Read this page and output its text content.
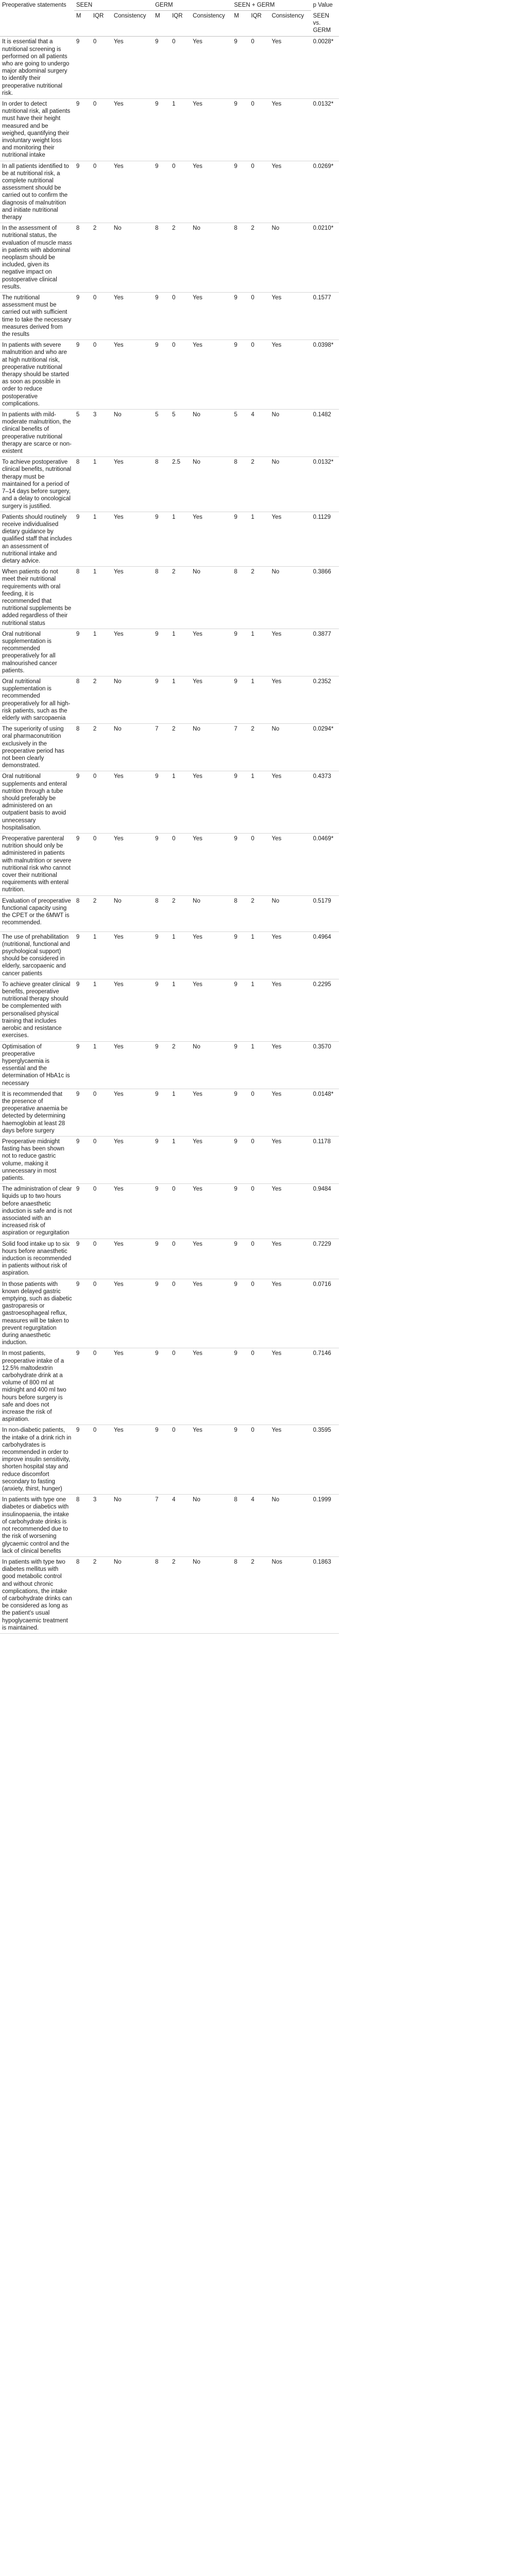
Preoperative statements	SEEN			GERM			SEEN + GERM			p Value
	M	IQR	Consistency	M	IQR	Consistency	M	IQR	Consistency	SEEN vs. GERM
It is essential that a nutritional screening is performed on all patients who are going to undergo major abdominal surgery to identify their preoperative nutritional risk.	9	0	Yes	9	0	Yes	9	0	Yes	0.0028*
In order to detect nutritional risk, all patients must have their height measured and be weighed, quantifying their involuntary weight loss and monitoring their nutritional intake	9	0	Yes	9	1	Yes	9	0	Yes	0.0132*
In all patients identified to be at nutritional risk, a complete nutritional assessment should be carried out to confirm the diagnosis of malnutrition and initiate nutritional therapy	9	0	Yes	9	0	Yes	9	0	Yes	0.0269*
In the assessment of nutritional status, the evaluation of muscle mass in patients with abdominal neoplasm should be included, given its negative impact on postoperative clinical results.	8	2	No	8	2	No	8	2	No	0.0210*
The nutritional assessment must be carried out with sufficient time to take the necessary measures derived from the results	9	0	Yes	9	0	Yes	9	0	Yes	0.1577
In patients with severe malnutrition and who are at high nutritional risk, preoperative nutritional therapy should be started as soon as possible in order to reduce postoperative complications.	9	0	Yes	9	0	Yes	9	0	Yes	0.0398*
In patients with mild-moderate malnutrition, the clinical benefits of preoperative nutritional therapy are scarce or non-existent	5	3	No	5	5	No	5	4	No	0.1482
To achieve postoperative clinical benefits, nutritional therapy must be maintained for a period of 7–14 days before surgery, and a delay to oncological surgery is justified.	8	1	Yes	8	2.5	No	8	2	No	0.0132*
Patients should routinely receive individualised dietary guidance by qualified staff that includes an assessment of nutritional intake and dietary advice.	9	1	Yes	9	1	Yes	9	1	Yes	0.1129
When patients do not meet their nutritional requirements with oral feeding, it is recommended that nutritional supplements be added regardless of their nutritional status	8	1	Yes	8	2	No	8	2	No	0.3866
Oral nutritional supplementation is recommended preoperatively for all malnourished cancer patients.	9	1	Yes	9	1	Yes	9	1	Yes	0.3877
Oral nutritional supplementation is recommended preoperatively for all high-risk patients, such as the elderly with sarcopaenia	8	2	No	9	1	Yes	9	1	Yes	0.2352
The superiority of using oral pharmaconutrition exclusively in the preoperative period has not been clearly demonstrated.	8	2	No	7	2	No	7	2	No	0.0294*
Oral nutritional supplements and enteral nutrition through a tube should preferably be administered on an outpatient basis to avoid unnecessary hospitalisation.	9	0	Yes	9	1	Yes	9	1	Yes	0.4373
Preoperative parenteral nutrition should only be administered in patients with malnutrition or severe nutritional risk who cannot cover their nutritional requirements with enteral nutrition.	9	0	Yes	9	0	Yes	9	0	Yes	0.0469*
Evaluation of preoperative functional capacity using the CPET or the 6MWT is recommended.	8	2	No	8	2	No	8	2	No	0.5179
The use of prehabilitation (nutritional, functional and psychological support) should be considered in elderly, sarcopaenic and cancer patients	9	1	Yes	9	1	Yes	9	1	Yes	0.4964
To achieve greater clinical benefits, preoperative nutritional therapy should be complemented with personalised physical training that includes aerobic and resistance exercises.	9	1	Yes	9	1	Yes	9	1	Yes	0.2295
Optimisation of preoperative hyperglycaemia is essential and the determination of HbA1c is necessary	9	1	Yes	9	2	No	9	1	Yes	0.3570
It is recommended that the presence of preoperative anaemia be detected by determining haemoglobin at least 28 days before surgery	9	0	Yes	9	1	Yes	9	0	Yes	0.0148*
Preoperative midnight fasting has been shown not to reduce gastric volume, making it unnecessary in most patients.	9	0	Yes	9	1	Yes	9	0	Yes	0.1178
The administration of clear liquids up to two hours before anaesthetic induction is safe and is not associated with an increased risk of aspiration or regurgitation	9	0	Yes	9	0	Yes	9	0	Yes	0.9484
Solid food intake up to six hours before anaesthetic induction is recommended in patients without risk of aspiration.	9	0	Yes	9	0	Yes	9	0	Yes	0.7229
In those patients with known delayed gastric emptying, such as diabetic gastroparesis or gastroesophageal reflux, measures will be taken to prevent regurgitation during anaesthetic induction.	9	0	Yes	9	0	Yes	9	0	Yes	0.0716
In most patients, preoperative intake of a 12.5% maltodextrin carbohydrate drink at a volume of 800 ml at midnight and 400 ml two hours before surgery is safe and does not increase the risk of aspiration.	9	0	Yes	9	0	Yes	9	0	Yes	0.7146
In non-diabetic patients, the intake of a drink rich in carbohydrates is recommended in order to improve insulin sensitivity, shorten hospital stay and reduce discomfort secondary to fasting (anxiety, thirst, hunger)	9	0	Yes	9	0	Yes	9	0	Yes	0.3595
In patients with type one diabetes or diabetics with insulinopaenia, the intake of carbohydrate drinks is not recommended due to the risk of worsening glycaemic control and the lack of clinical benefits	8	3	No	7	4	No	8	4	No	0.1999
In patients with type two diabetes mellitus with good metabolic control and without chronic complications, the intake of carbohydrate drinks can be considered as long as the patient's usual hypoglycaemic treatment is maintained.	8	2	No	8	2	No	8	2	Nos	0.1863
